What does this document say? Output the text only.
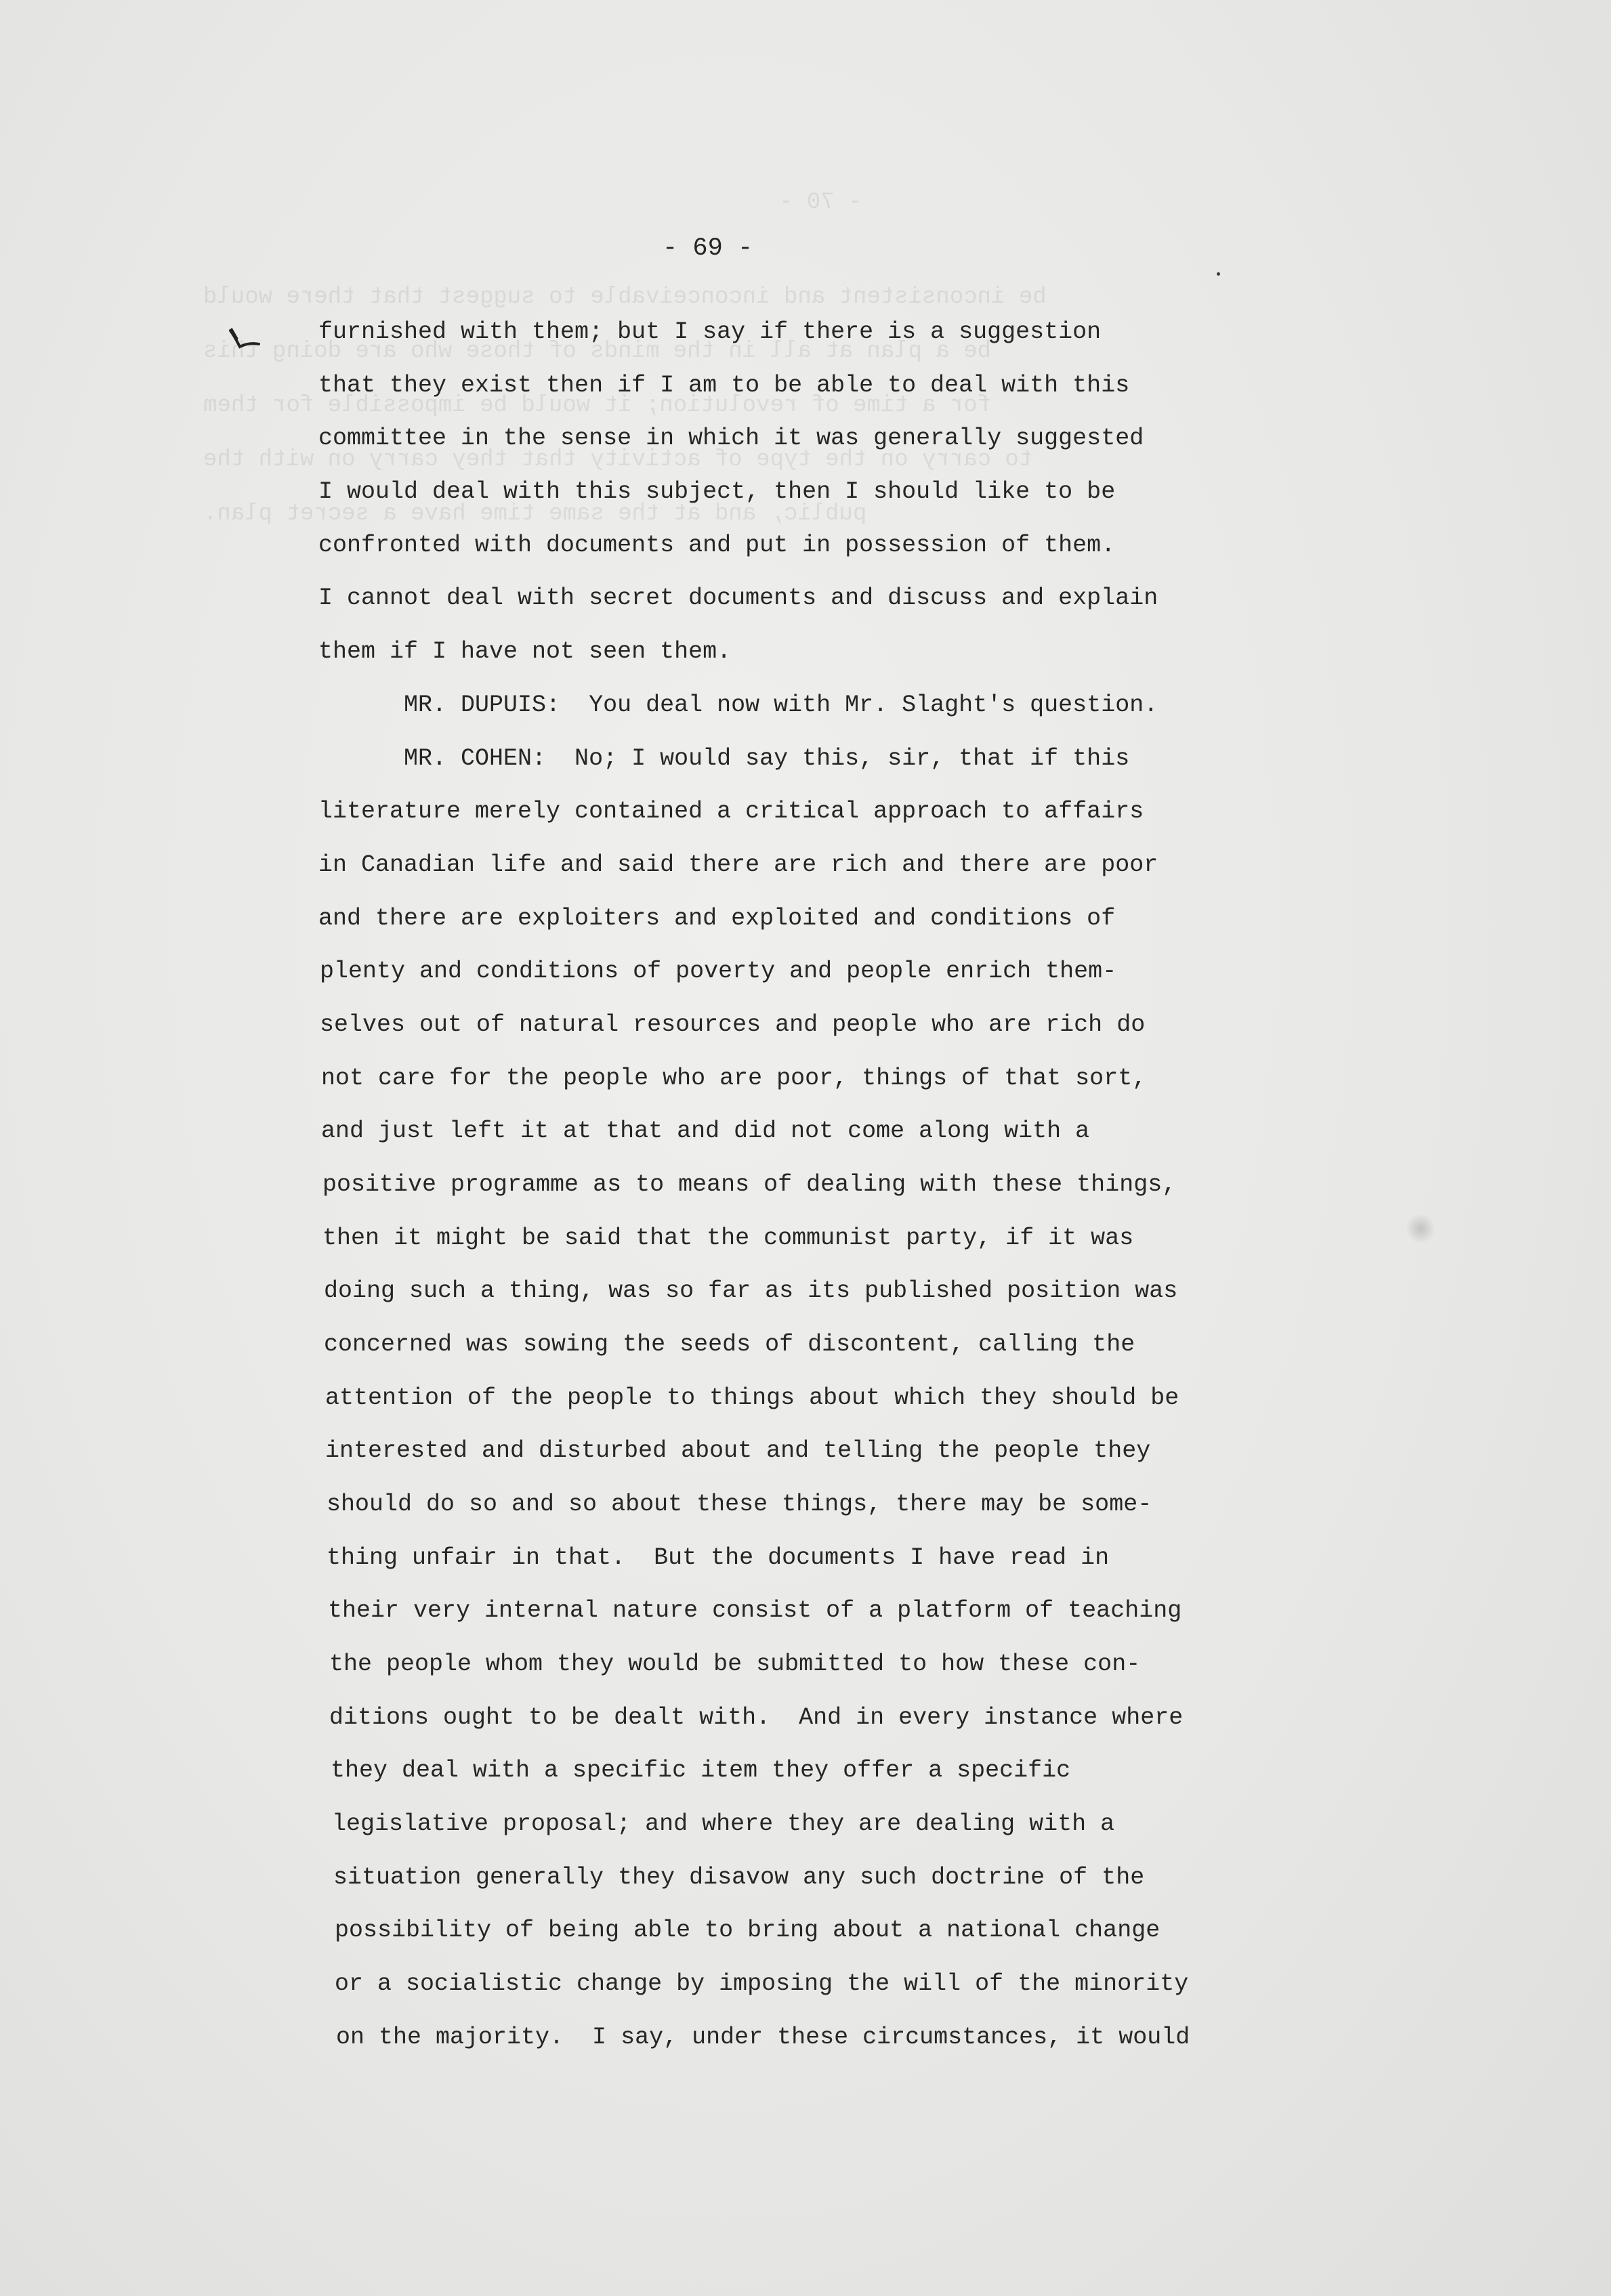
- 70 -
be inconsistent and inconceivable to suggest that there would
be a plan at all in the minds of those who are doing this
for a time of revolution; it would be impossible for them
to carry on the type of activity that they carry on with the
public, and at the same time have a secret plan.
- 69 -
furnished with them; but I say if there is a suggestion
that they exist then if I am to be able to deal with this
committee in the sense in which it was generally suggested
I would deal with this subject, then I should like to be
confronted with documents and put in possession of them.
I cannot deal with secret documents and discuss and explain
them if I have not seen them.
MR. DUPUIS:  You deal now with Mr. Slaght's question.
MR. COHEN:  No; I would say this, sir, that if this
literature merely contained a critical approach to affairs
in Canadian life and said there are rich and there are poor
and there are exploiters and exploited and conditions of
plenty and conditions of poverty and people enrich them-
selves out of natural resources and people who are rich do
not care for the people who are poor, things of that sort,
and just left it at that and did not come along with a
positive programme as to means of dealing with these things,
then it might be said that the communist party, if it was
doing such a thing, was so far as its published position was
concerned was sowing the seeds of discontent, calling the
attention of the people to things about which they should be
interested and disturbed about and telling the people they
should do so and so about these things, there may be some-
thing unfair in that.  But the documents I have read in
their very internal nature consist of a platform of teaching
the people whom they would be submitted to how these con-
ditions ought to be dealt with.  And in every instance where
they deal with a specific item they offer a specific
legislative proposal; and where they are dealing with a
situation generally they disavow any such doctrine of the
possibility of being able to bring about a national change
or a socialistic change by imposing the will of the minority
on the majority.  I say, under these circumstances, it would
